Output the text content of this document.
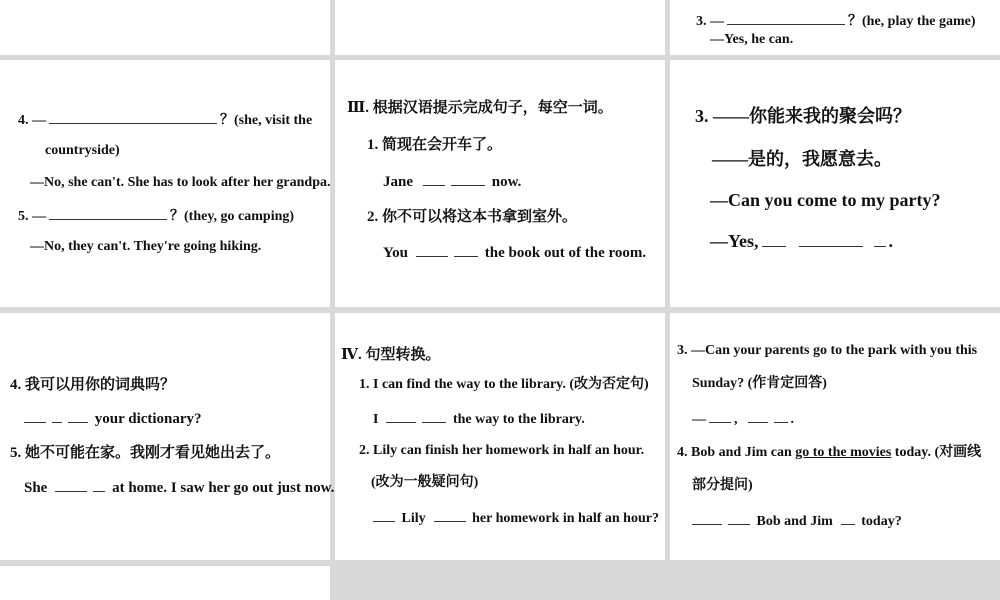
3. —	？(he, play the game)
—Yes, he can.
4. —	？(she, visit the
countryside)
—No, she can't. She has to look after her grandpa.
5. —	？(they, go camping)
—No, they can't. They're going hiking.
Ⅲ. 根据汉语提示完成句子，每空一词。
1. 简现在会开车了。
Jane	now.
2. 你不可以将这本书拿到室外。
You	the book out of the room.
3. ——你能来我的聚会吗？
——是的，我愿意去。
—Can you come to my party?
—Yes,	.
4. 我可以用你的词典吗？
your dictionary?
5. 她不可能在家。我刚才看见她出去了。
She	at home. I saw her go out just now.
Ⅳ. 句型转换。
1. I can find the way to the library. (改为否定句)
I	the way to the library.
2. Lily can finish her homework in half an hour.
(改为一般疑问句)
Lily	her homework in half an hour?
3. —Can your parents go to the park with you this
Sunday? (作肯定回答)
— ,	.
4. Bob and Jim can go to the movies today. (对画线
部分提问)
Bob and Jim today?
